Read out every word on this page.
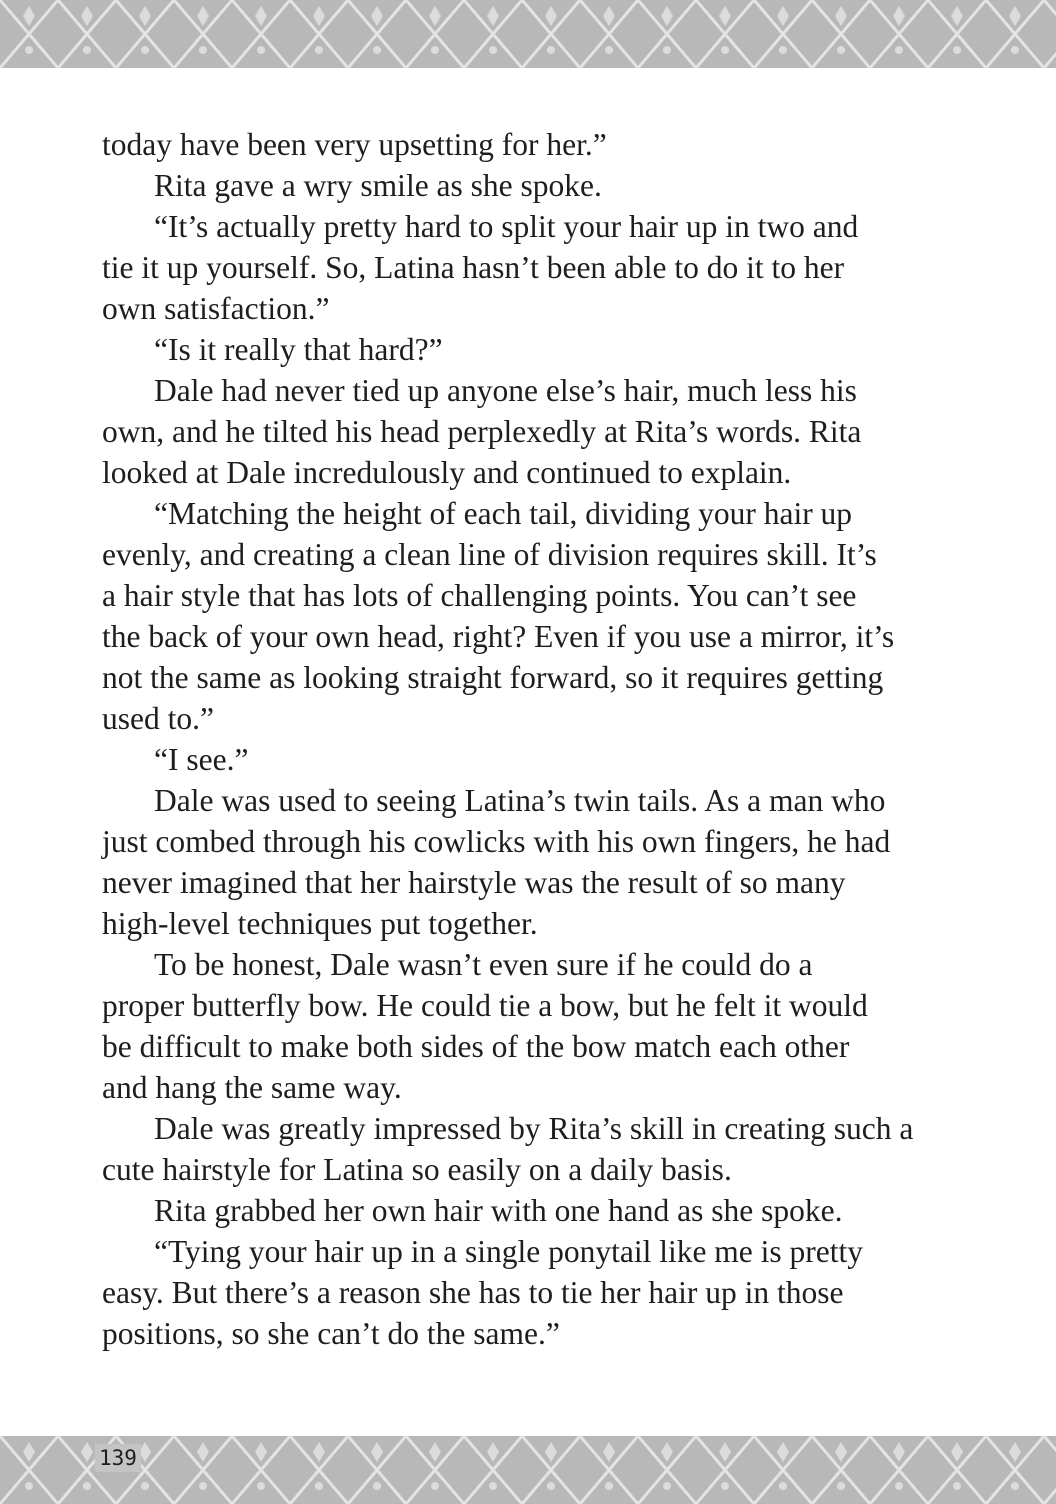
today have been very upsetting for her.”
Rita gave a wry smile as she spoke.
“It’s actually pretty hard to split your hair up in two and
tie it up yourself. So, Latina hasn’t been able to do it to her
own satisfaction.”
“Is it really that hard?”
Dale had never tied up anyone else’s hair, much less his
own, and he tilted his head perplexedly at Rita’s words. Rita
looked at Dale incredulously and continued to explain.
“Matching the height of each tail, dividing your hair up
evenly, and creating a clean line of division requires skill. It’s
a hair style that has lots of challenging points. You can’t see
the back of your own head, right? Even if you use a mirror, it’s
not the same as looking straight forward, so it requires getting
used to.”
“I see.”
Dale was used to seeing Latina’s twin tails. As a man who
just combed through his cowlicks with his own fingers, he had
never imagined that her hairstyle was the result of so many
high-level techniques put together.
To be honest, Dale wasn’t even sure if he could do a
proper butterfly bow. He could tie a bow, but he felt it would
be difficult to make both sides of the bow match each other
and hang the same way.
Dale was greatly impressed by Rita’s skill in creating such a
cute hairstyle for Latina so easily on a daily basis.
Rita grabbed her own hair with one hand as she spoke.
“Tying your hair up in a single ponytail like me is pretty
easy. But there’s a reason she has to tie her hair up in those
positions, so she can’t do the same.”
139
